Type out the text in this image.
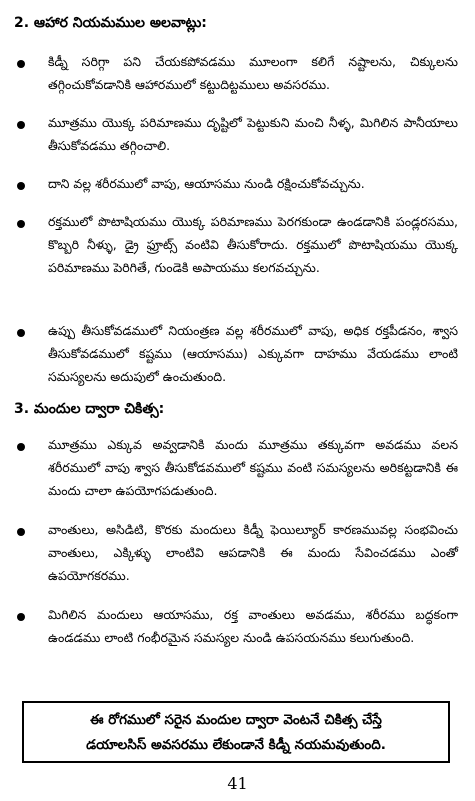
2. ఆహార నియమముల అలవాట్లు:
కిడ్నీ సరిగ్గా పని చేయకపోవడము మూలంగా కలిగే నష్టాలను, చిక్కులను తగ్గించుకోవడానికి ఆహారములో కట్టుదిట్టములు అవసరము.
మూత్రము యొక్క పరిమాణము దృష్టిలో పెట్టుకుని మంచి నీళ్ళ, మిగిలిన పానీయాలు తీసుకోవడము తగ్గించాలి.
దాని వల్ల శరీరములో వాపు, ఆయాసము నుండి రక్షించుకోవచ్చును.
రక్తములో పొటాషియము యొక్క పరిమాణము పెరగకుండా ఉండడానికి పండ్లరసము, కొబ్బరి నీళ్ళు, డ్రై ఫ్రూట్స్ వంటివి తీసుకోరాదు. రక్తములో పొటాషియము యొక్క పరిమాణము పెరిగితే, గుండెకి అపాయము కలగవచ్చును.
ఉప్పు తీసుకోవడములో నియంత్రణ వల్ల శరీరములో వాపు, అధిక రక్తపీడనం, శ్వాస తీసుకోవడములో కష్టము (ఆయాసము) ఎక్కువగా దాహము వేయడము లాంటి సమస్యలను అదుపులో ఉంచుతుంది.
3. మందుల ద్వారా చికిత్స:
మూత్రము ఎక్కువ అవ్వడానికి మందు మూత్రము తక్కువగా అవడము వలన శరీరములో వాపు శ్వాస తీసుకోడవములో కష్టము వంటి సమస్యలను అరికట్టడానికి ఈ మందు చాలా ఉపయోగపడుతుంది.
వాంతులు, అసిడిటి, కొరకు మందులు కిడ్నీ ఫెయిల్యూర్ కారణమువల్ల సంభవించు వాంతులు, ఎక్కిళ్ళు లాంటివి ఆపడానికి ఈ మందు సేవించడము ఎంతో ఉపయోగకరము.
మిగిలిన మందులు ఆయాసము, రక్త వాంతులు అవడము, శరీరము బద్ధకంగా ఉండడము లాంటి గంభీరమైన సమస్యల నుండి ఉపసయనము కలుగుతుంది.
ఈ రోగములో సరైన మందుల ద్వారా వెంటనే చికిత్స చేస్తే
డయాలసిస్ అవసరము లేకుండానే కిడ్నీ నయమవుతుంది.
41
